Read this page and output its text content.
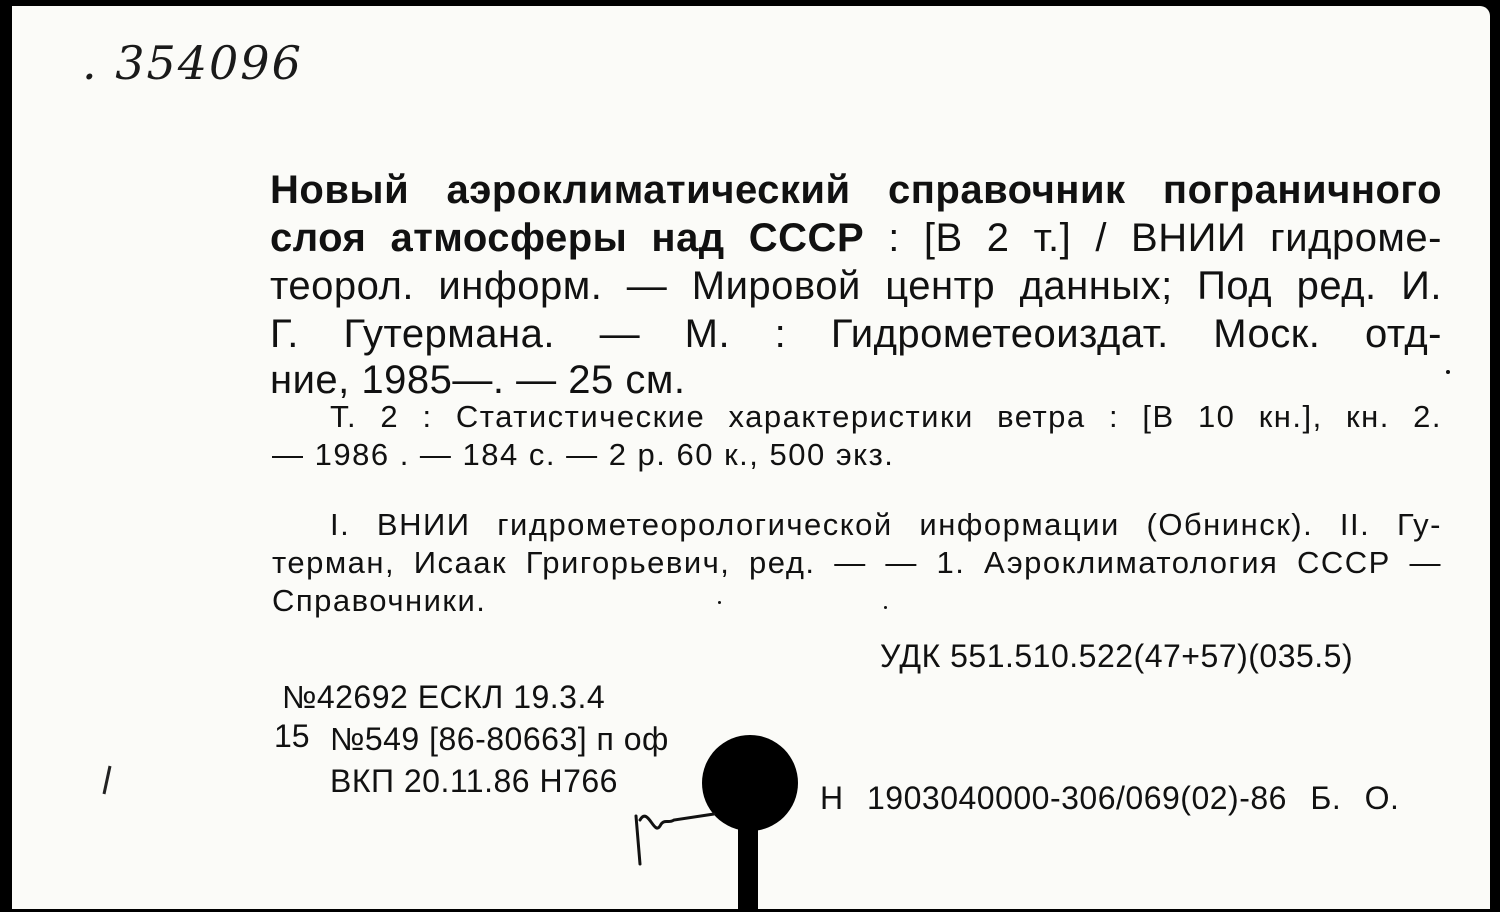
. 354096
Новый аэроклиматический справочник пограничного
слоя атмосферы над СССР : [В 2 т.] / ВНИИ гидроме-
теорол. информ. — Мировой центр данных; Под ред. И.
Г. Гутермана. — М. : Гидрометеоиздат. Моск. отд-
ние, 1985—. — 25 см.
Т. 2 : Статистические характеристики ветра : [В 10 кн.], кн. 2.
— 1986 . — 184 с. — 2 р. 60 к., 500 экз.
I. ВНИИ гидрометеорологической информации (Обнинск). II. Гу-
терман, Исаак Григорьевич, ред. — — 1. Аэроклиматология СССР —
Справочники.
УДК 551.510.522(47+57)(035.5)
№42692 ЕСКЛ 19.3.4
15 №549 [86-80663] п оф
ВКП 20.11.86 Н766	Н 1903040000-306/069(02)-86 Б. О.
